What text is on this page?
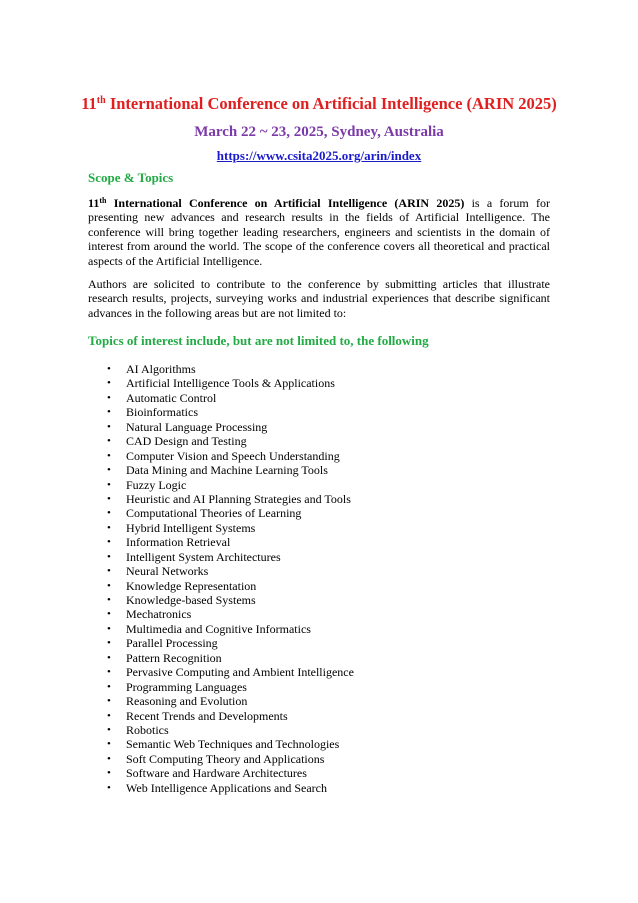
11th International Conference on Artificial Intelligence (ARIN 2025)
March 22 ~ 23, 2025, Sydney, Australia
https://www.csita2025.org/arin/index
Scope & Topics
11th International Conference on Artificial Intelligence (ARIN 2025) is a forum for presenting new advances and research results in the fields of Artificial Intelligence. The conference will bring together leading researchers, engineers and scientists in the domain of interest from around the world. The scope of the conference covers all theoretical and practical aspects of the Artificial Intelligence.
Authors are solicited to contribute to the conference by submitting articles that illustrate research results, projects, surveying works and industrial experiences that describe significant advances in the following areas but are not limited to:
Topics of interest include, but are not limited to, the following
• AI Algorithms
• Artificial Intelligence Tools & Applications
• Automatic Control
• Bioinformatics
• Natural Language Processing
• CAD Design and Testing
• Computer Vision and Speech Understanding
• Data Mining and Machine Learning Tools
• Fuzzy Logic
• Heuristic and AI Planning Strategies and Tools
• Computational Theories of Learning
• Hybrid Intelligent Systems
• Information Retrieval
• Intelligent System Architectures
• Neural Networks
• Knowledge Representation
• Knowledge-based Systems
• Mechatronics
• Multimedia and Cognitive Informatics
• Parallel Processing
• Pattern Recognition
• Pervasive Computing and Ambient Intelligence
• Programming Languages
• Reasoning and Evolution
• Recent Trends and Developments
• Robotics
• Semantic Web Techniques and Technologies
• Soft Computing Theory and Applications
• Software and Hardware Architectures
• Web Intelligence Applications and Search
